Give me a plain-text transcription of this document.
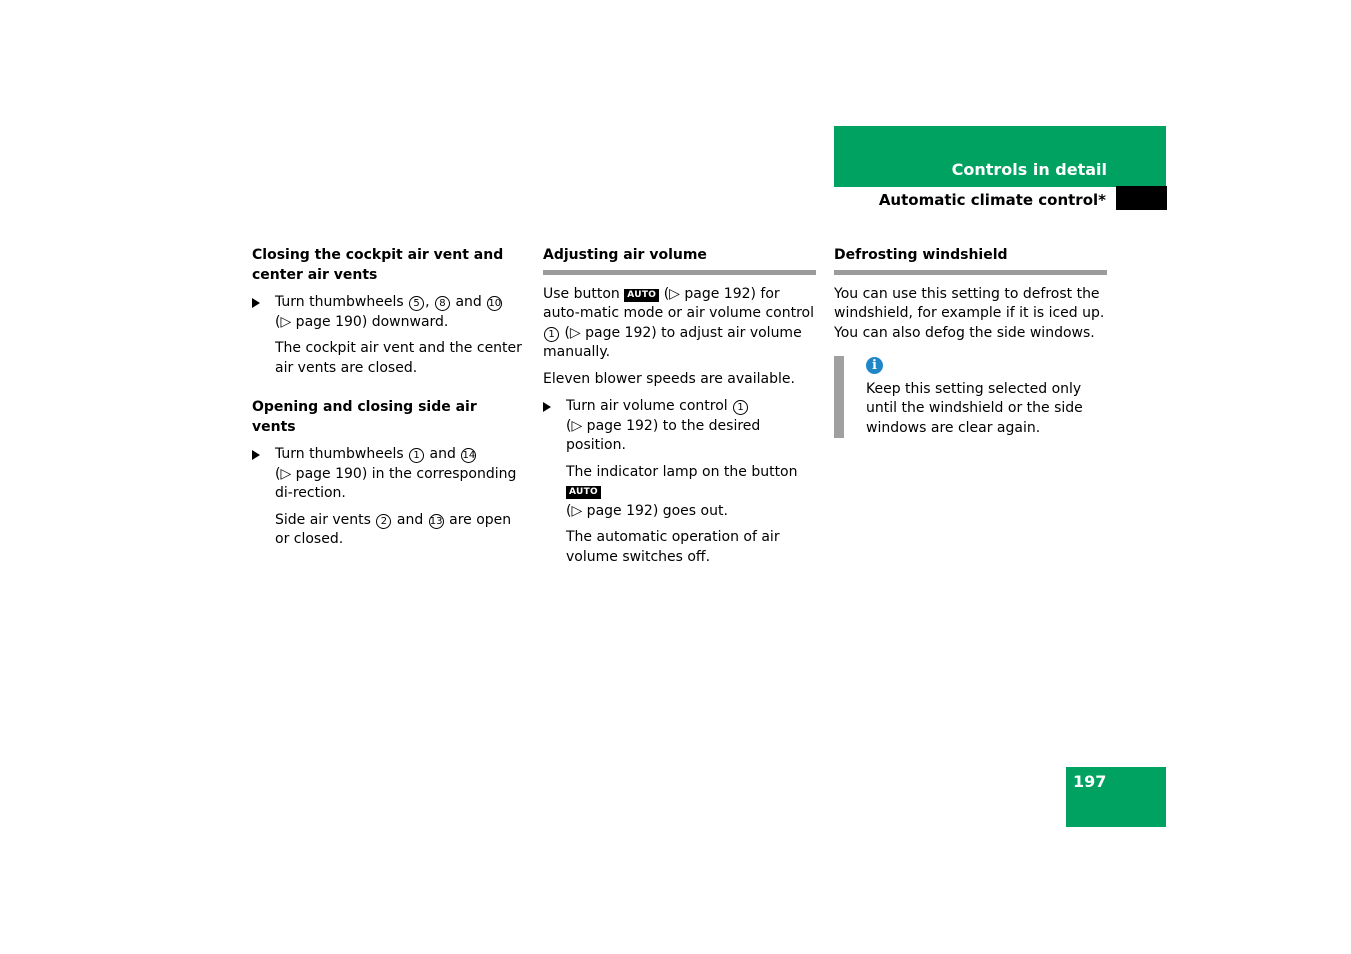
Controls in detail
Automatic climate control*

Closing the cockpit air vent and center air vents

Turn thumbwheels 5 , 8 and 10
(▷ page 190) downward.

The cockpit air vent and the center air vents are closed.

Opening and closing side air vents

Turn thumbwheels 1 and 14
(▷ page 190) in the corresponding di-rection.

Side air vents 2 and 13 are open or closed.

Adjusting air volume

Use button AUTO (▷ page 192) for auto-matic mode or air volume control 1 (▷ page 192) to adjust air volume manually.

Eleven blower speeds are available.

Turn air volume control 1
(▷ page 192) to the desired position.

The indicator lamp on the button AUTO
(▷ page 192) goes out.

The automatic operation of air volume switches off.

Defrosting windshield

You can use this setting to defrost the windshield, for example if it is iced up. You can also defog the side windows.

i

Keep this setting selected only until the windshield or the side windows are clear again.

197
